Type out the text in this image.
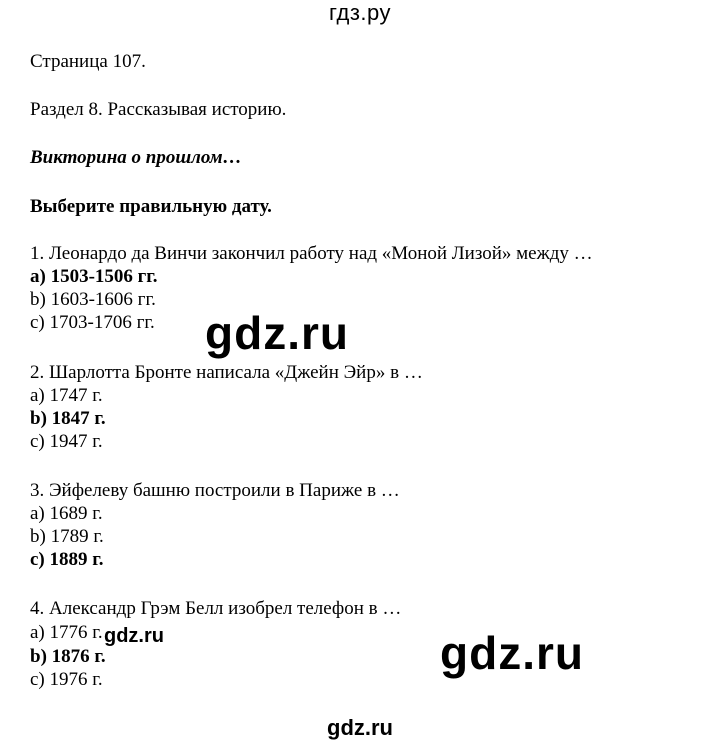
гдз.ру
Страница 107.
Раздел 8. Рассказывая историю.
Викторина о прошлом…
Выберите правильную дату.
1. Леонардо да Винчи закончил работу над «Моной Лизой» между …
a) 1503-1506 гг.
b) 1603-1606 гг.
c) 1703-1706 гг.
2. Шарлотта Бронте написала «Джейн Эйр» в …
a) 1747 г.
b) 1847 г.
c) 1947 г.
3. Эйфелеву башню построили в Париже в …
a) 1689 г.
b) 1789 г.
c) 1889 г.
4. Александр Грэм Белл изобрел телефон в …
a) 1776 г.
b) 1876 г.
c) 1976 г.
gdz.ru
gdz.ru
gdz.ru
gdz.ru
